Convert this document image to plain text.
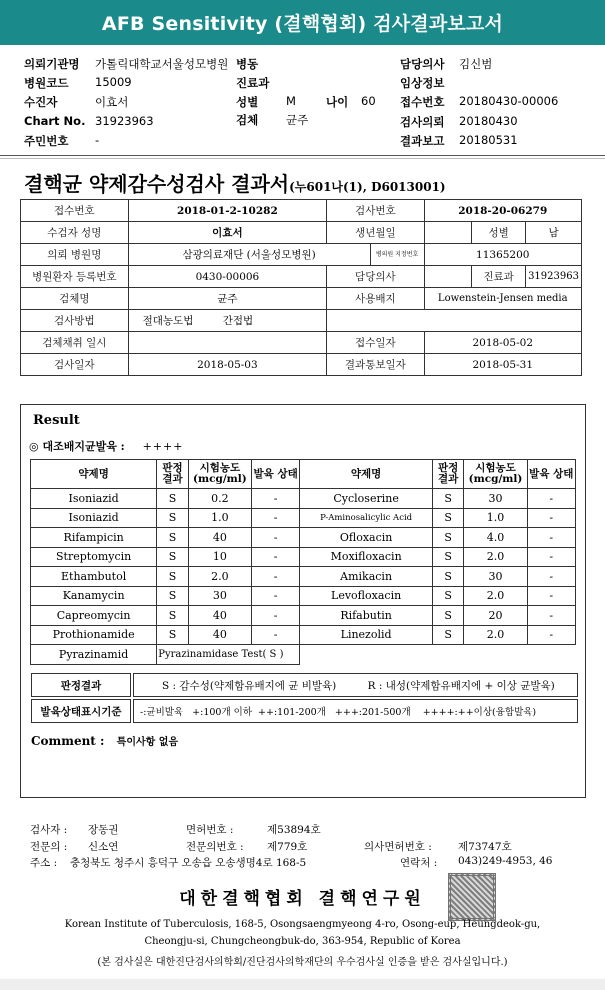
AFB Sensitivity (결핵협회) 검사결과보고서
의뢰기관명 가톨릭대학교서울성모병원 병동	담당의사 김신범
병원코드 15009	진료과	임상정보
수진자	이효서	성별 M	나이 60 접수번호 20180430-00006
Chart No. 31923963	검체 균주	검사의뢰 20180430
주민번호 -	결과보고 20180531
결핵균 약제감수성검사 결과서(누601나(1), D6013001)
접수번호	2018-01-2-10282	검사번호		2018-20-06279		
수검자 성명	이효서	생년월일			성별	남
의뢰 병원명	삼광의료재단 (서울성모병원)		병의원 지정번호	11365200		
병원환자 등록번호	0430-00006	담당의사			진료과	31923963
검체명	균주	사용배지		Lowenstein-Jensen media		
검사방법	절대농도법 간접법					
검체채취 일시		접수일자		2018-05-02		
검사일자	2018-05-03	결과통보일자		2018-05-31		
Result
◎ 대조배지균발육 : ++++
약제명	판정 결과	시험농도 (mcg/ml)	발육 상태	약제명	판정 결과	시험농도 (mcg/ml)	발육 상태
Isoniazid	S	0.2	-	Cycloserine	S	30	-
Isoniazid	S	1.0	-	P-Aminosalicylic Acid	S	1.0	-
Rifampicin	S	40	-	Ofloxacin	S	4.0	-
Streptomycin	S	10	-	Moxifloxacin	S	2.0	-
Ethambutol	S	2.0	-	Amikacin	S	30	-
Kanamycin	S	30	-	Levofloxacin	S	2.0	-
Capreomycin	S	40	-	Rifabutin	S	20	-
Prothionamide	S	40	-	Linezolid	S	2.0	-
Pyrazinamid	Pyrazinamidase Test( S )						
판정결과	S : 감수성(약제함유배지에 균 비발육) R : 내성(약제함유배지에 + 이상 균발육)
발육상태표시기준	-:균비발육   +:100개 이하  ++:101-200개   +++:201-500개    ++++:++이상(융합발육)
Comment : 특이사항 없음
검사자 : 장동권	면허번호 :	제53894호
전문의 : 신소연	전문의번호 : 제779호	의사면허번호 :	제73747호
주소 : 충청북도 청주시 흥덕구 오송읍 오송생명4로 168-5	연락처 : 043)249-4953, 46
대한결핵협회 결핵연구원
Korean Institute of Tuberculosis, 168-5, Osongsaengmyeong 4-ro, Osong-eup, Heungdeok-gu,
Cheongju-si, Chungcheongbuk-do, 363-954, Republic of Korea
(본 검사실은 대한진단검사의학회/진단검사의학재단의 우수검사실 인증을 받은 검사실입니다.)
